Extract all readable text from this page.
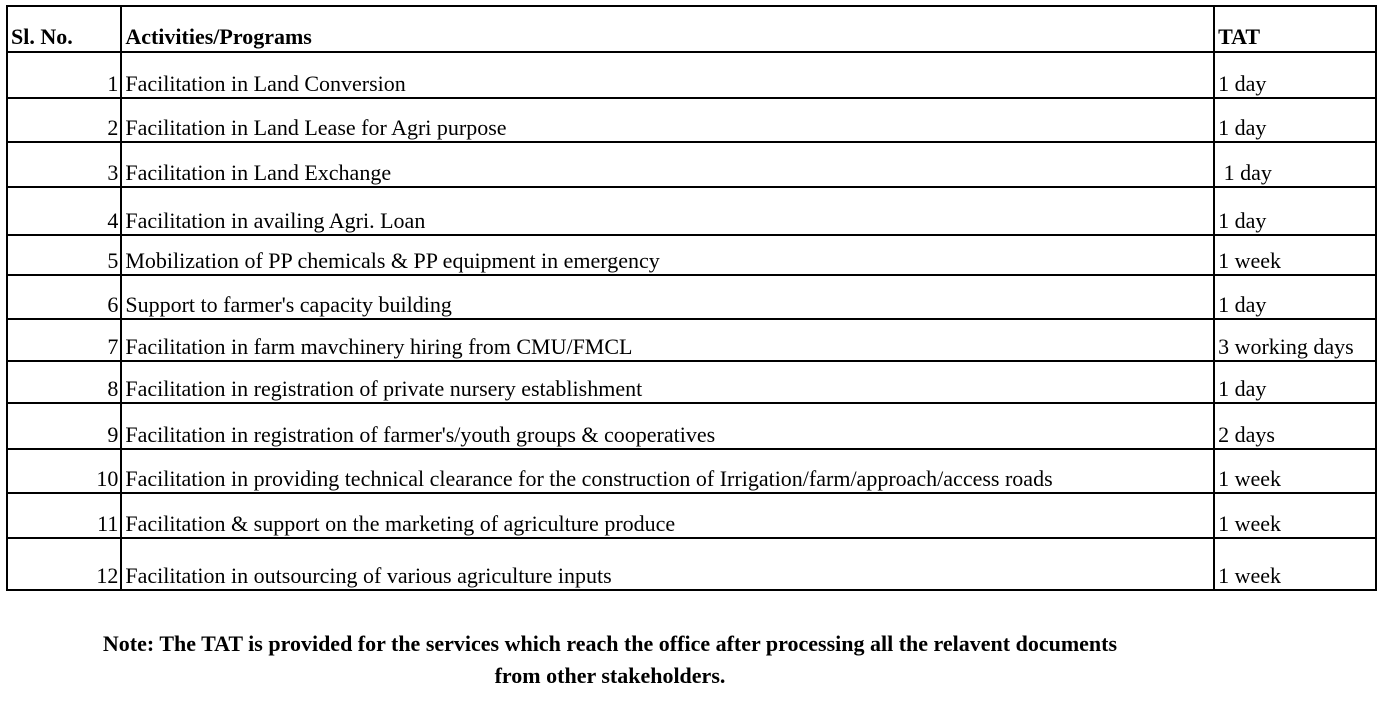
Sl. No.	Activities/Programs	TAT
1	Facilitation in Land Conversion	1 day
2	Facilitation in Land Lease for Agri purpose	1 day
3	Facilitation in Land Exchange	1 day
4	Facilitation in availing Agri. Loan	1 day
5	Mobilization of PP chemicals & PP equipment in emergency	1 week
6	Support to farmer's capacity building	1 day
7	Facilitation in farm mavchinery hiring from CMU/FMCL	3 working days
8	Facilitation in registration of private nursery establishment	1 day
9	Facilitation in registration of farmer's/youth groups & cooperatives	2 days
10	Facilitation in providing technical clearance for the construction of Irrigation/farm/approach/access roads	1 week
11	Facilitation & support on the marketing of agriculture produce	1 week
12	Facilitation in outsourcing of various agriculture inputs	1 week
Note: The TAT is provided for the services which reach the office after processing all the relavent documents
from other stakeholders.
